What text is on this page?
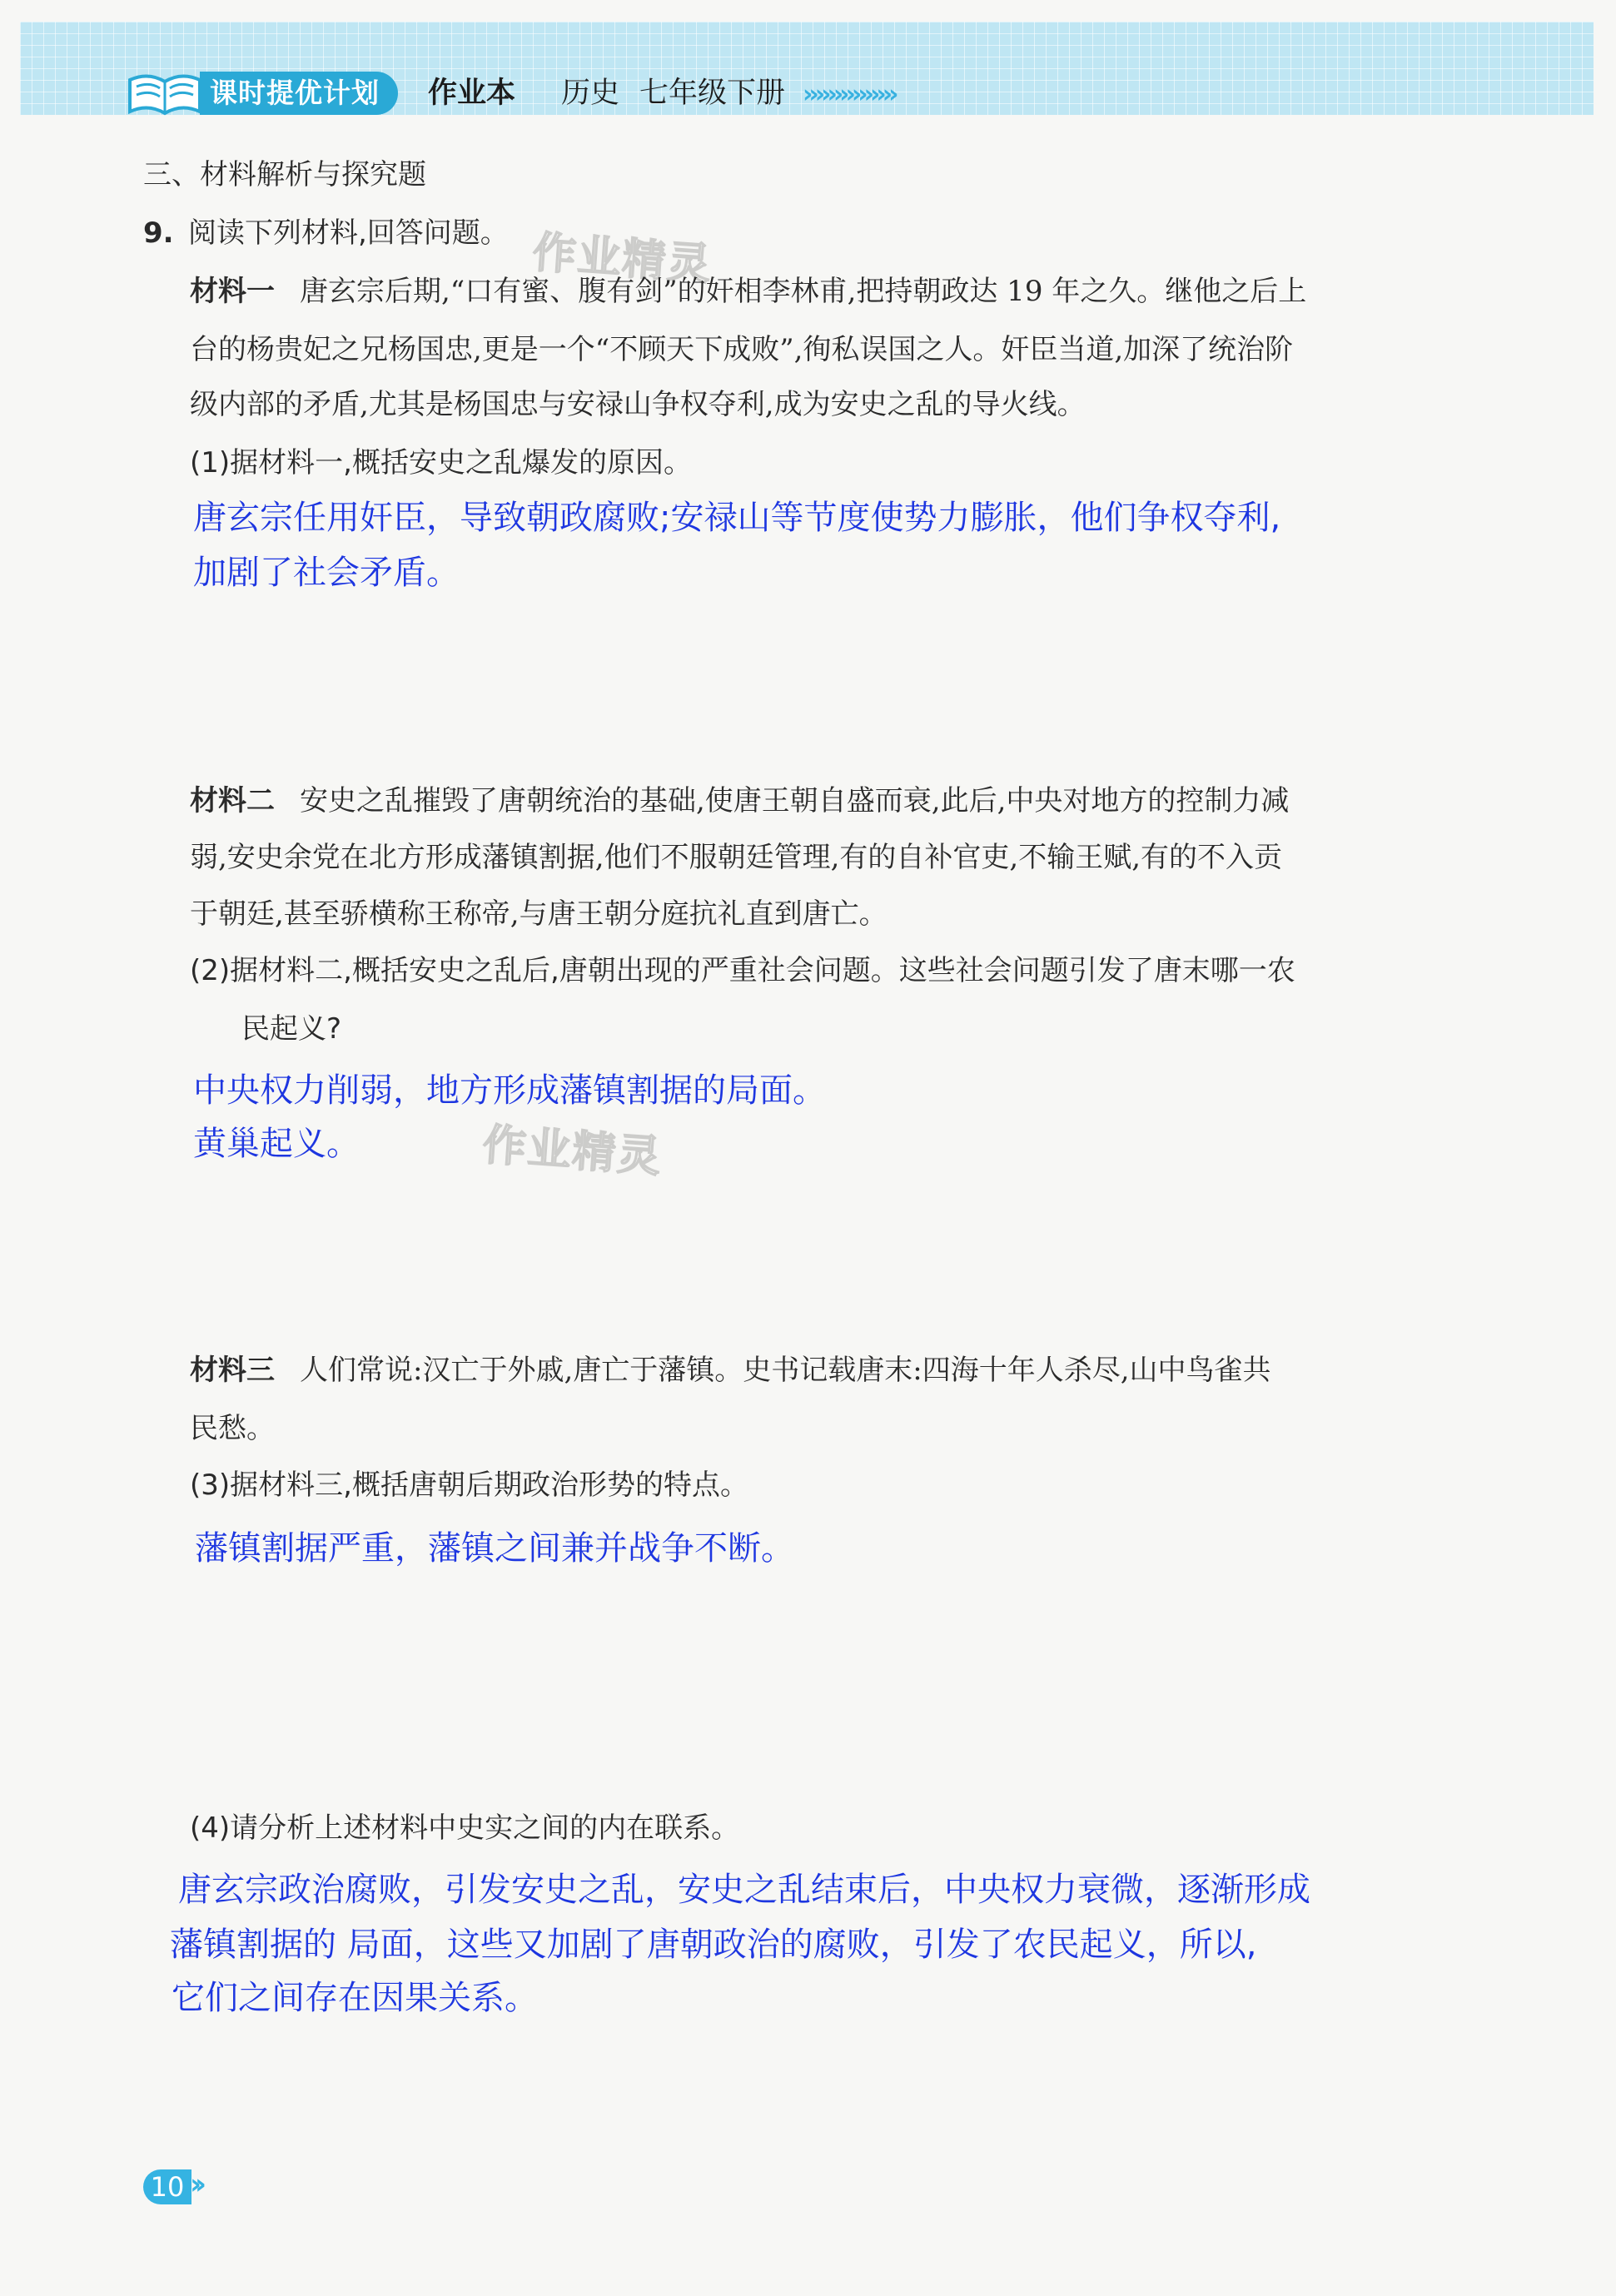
课时提优计划	作业本 历史 七年级下册 ›››››››››››››››
三、材料解析与探究题
9. 阅读下列材料,回答问题。 作业精灵
材料一 唐玄宗后期,“口有蜜、腹有剑”的奸相李林甫,把持朝政达 19 年之久。继他之后上
台的杨贵妃之兄杨国忠,更是一个“不顾天下成败”,徇私误国之人。奸臣当道,加深了统治阶
级内部的矛盾,尤其是杨国忠与安禄山争权夺利,成为安史之乱的导火线。
(1)据材料一,概括安史之乱爆发的原因。
唐玄宗任用奸臣，导致朝政腐败;安禄山等节度使势力膨胀，他们争权夺利,
加剧了社会矛盾。
材料二 安史之乱摧毁了唐朝统治的基础,使唐王朝自盛而衰,此后,中央对地方的控制力减
弱,安史余党在北方形成藩镇割据,他们不服朝廷管理,有的自补官吏,不输王赋,有的不入贡
于朝廷,甚至骄横称王称帝,与唐王朝分庭抗礼直到唐亡。
(2)据材料二,概括安史之乱后,唐朝出现的严重社会问题。这些社会问题引发了唐末哪一农
民起义?
中央权力削弱，地方形成藩镇割据的局面。
黄巢起义。	作业精灵
材料三 人们常说:汉亡于外戚,唐亡于藩镇。史书记载唐末:四海十年人杀尽,山中鸟雀共
民愁。
(3)据材料三,概括唐朝后期政治形势的特点。
藩镇割据严重，藩镇之间兼并战争不断。
(4)请分析上述材料中史实之间的内在联系。
唐玄宗政治腐败，引发安史之乱，安史之乱结束后，中央权力衰微，逐渐形成
藩镇割据的 局面，这些又加剧了唐朝政治的腐败，引发了农民起义，所以,
它们之间存在因果关系。
10 ››
